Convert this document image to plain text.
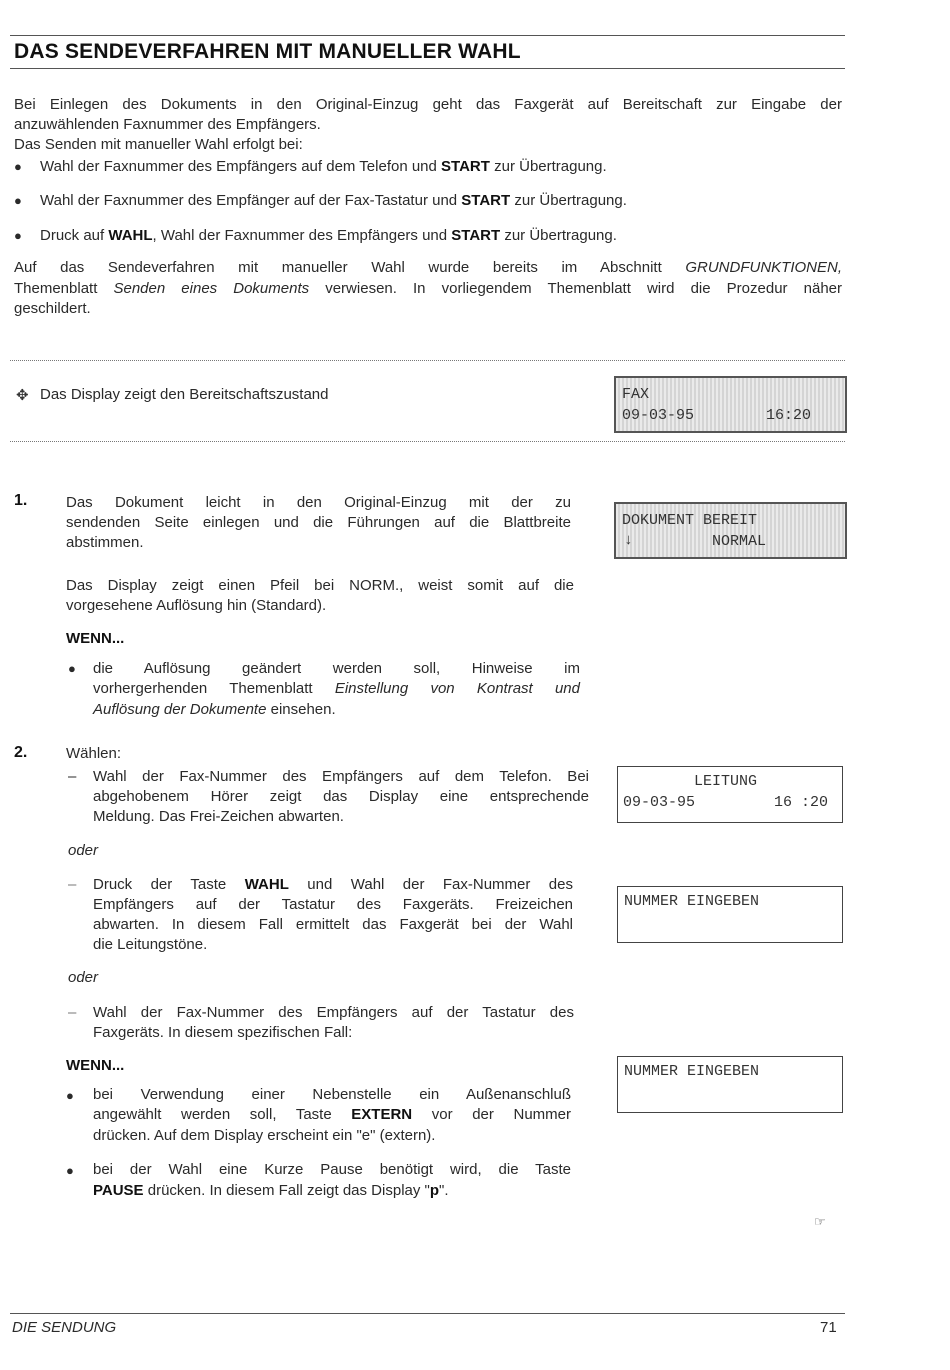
DAS SENDEVERFAHREN MIT MANUELLER WAHL
Bei Einlegen des Dokuments in den Original-Einzug geht das Faxgerät auf Bereitschaft zur Eingabe der
anzuwählenden Faxnummer des Empfängers.
Das Senden mit manueller Wahl erfolgt bei:
● Wahl der Faxnummer des Empfängers auf dem Telefon und START zur Übertragung.
● Wahl der Faxnummer des Empfänger auf der Fax-Tastatur und START zur Übertragung.
● Druck auf WAHL, Wahl der Faxnummer des Empfängers und START zur Übertragung.
Auf das Sendeverfahren mit manueller Wahl wurde bereits im Abschnitt GRUNDFUNKTIONEN,
Themenblatt Senden eines Dokuments verwiesen. In vorliegendem Themenblatt wird die Prozedur näher
geschildert.
✥ Das Display zeigt den Bereitschaftszustand	FAX
09-03-95	16:20
1.	Das Dokument leicht in den Original-Einzug mit der zu
sendenden Seite einlegen und die Führungen auf die Blattbreite
abstimmen.
Das Display zeigt einen Pfeil bei NORM., weist somit auf die
vorgesehene Auflösung hin (Standard).
WENN...
● die Auflösung geändert werden soll, Hinweise im
vorhergerhenden Themenblatt Einstellung von Kontrast und
Auflösung der Dokumente einsehen.
DOKUMENT BEREIT
↓	NORMAL
2.	Wählen:
– Wahl der Fax-Nummer des Empfängers auf dem Telefon. Bei
abgehobenem Hörer zeigt das Display eine entsprechende
Meldung. Das Frei-Zeichen abwarten.
oder
– Druck der Taste WAHL und Wahl der Fax-Nummer des
Empfängers auf der Tastatur des Faxgeräts. Freizeichen
abwarten. In diesem Fall ermittelt das Faxgerät bei der Wahl
die Leitungstöne.
oder
– Wahl der Fax-Nummer des Empfängers auf der Tastatur des
Faxgeräts. In diesem spezifischen Fall:
WENN...
● bei Verwendung einer Nebenstelle ein Außenanschluß
angewählt werden soll, Taste EXTERN vor der Nummer
drücken. Auf dem Display erscheint ein "e" (extern).
● bei der Wahl eine Kurze Pause benötigt wird, die Taste
PAUSE drücken. In diesem Fall zeigt das Display "p".
LEITUNG
09-03-95	16 :20
NUMMER EINGEBEN
NUMMER EINGEBEN
☞
DIE SENDUNG	71
